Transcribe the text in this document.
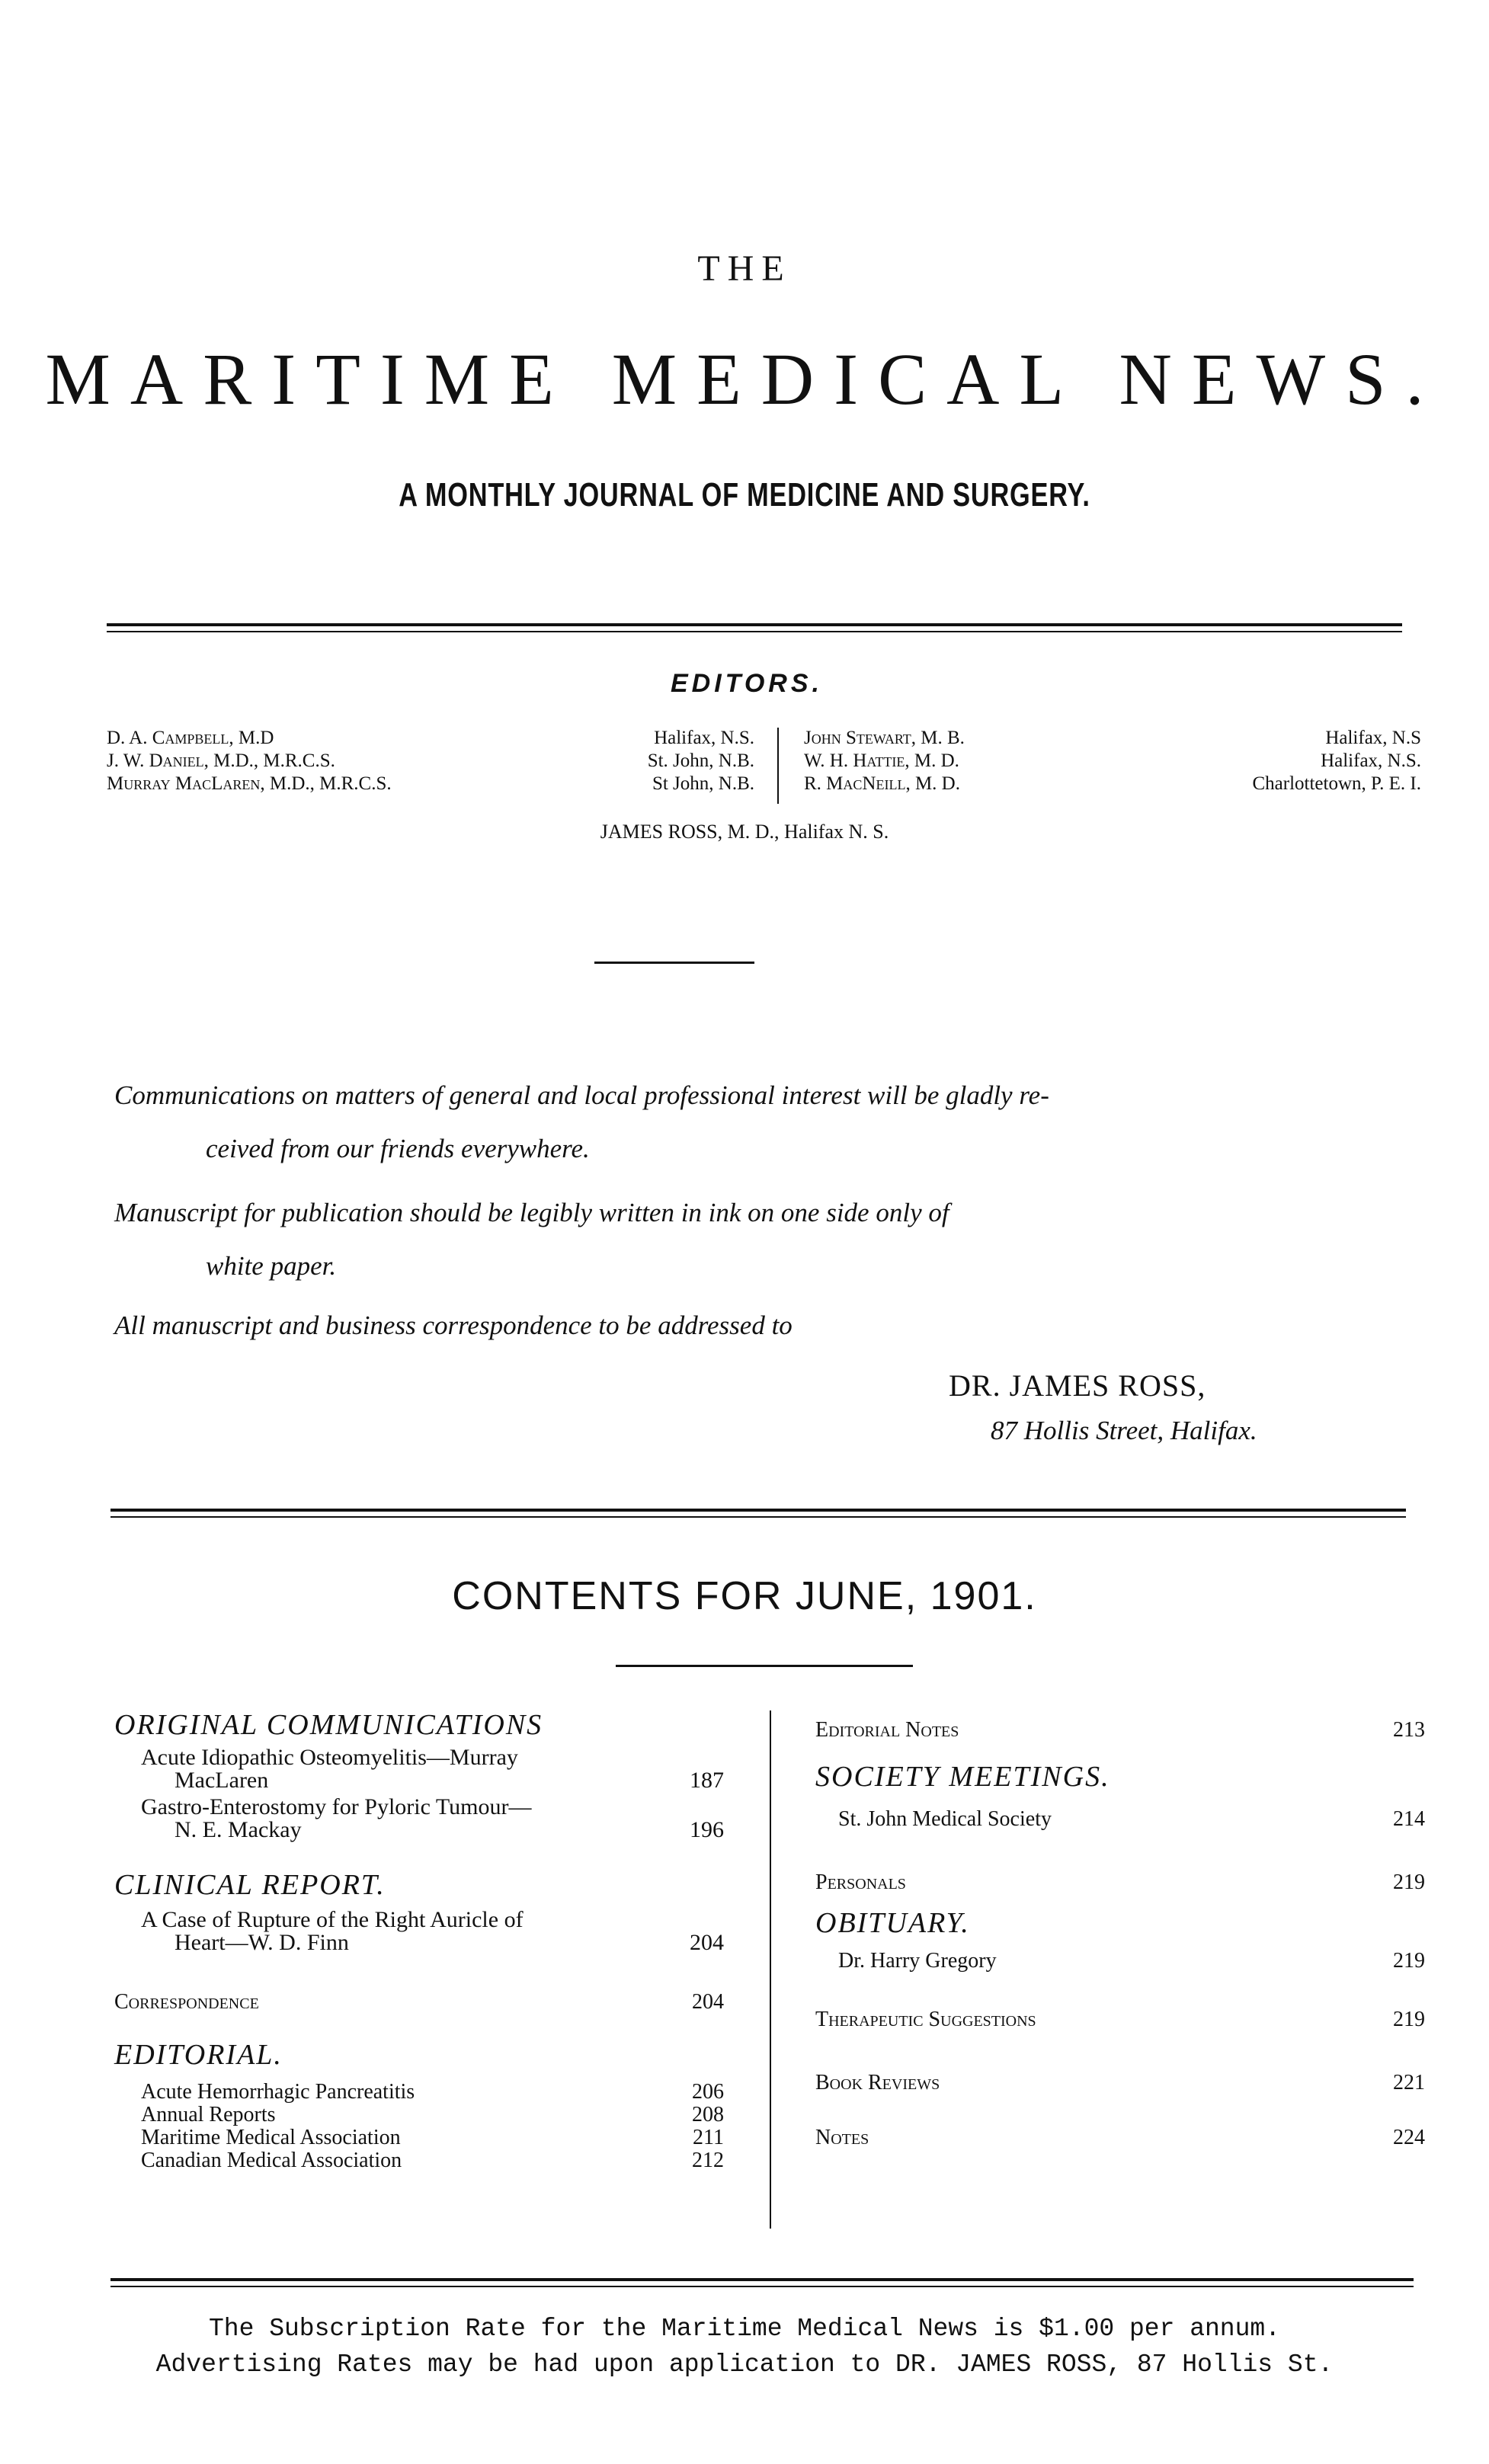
THE
MARITIME MEDICAL NEWS.
A MONTHLY JOURNAL OF MEDICINE AND SURGERY.
EDITORS.
D. A. Campbell, M.D	Halifax, N.S.
J. W. Daniel, M.D., M.R.C.S.	St. John, N.B.
Murray MacLaren, M.D., M.R.C.S.	St John, N.B.
John Stewart, M. B.	Halifax, N.S
W. H. Hattie, M. D.	Halifax, N.S.
R. MacNeill, M. D.	Charlottetown, P. E. I.
JAMES ROSS, M. D., Halifax N. S.
Communications on matters of general and local professional interest will be gladly re-
ceived from our friends everywhere.
Manuscript for publication should be legibly written in ink on one side only of
white paper.
All manuscript and business correspondence to be addressed to
DR. JAMES ROSS,
87 Hollis Street, Halifax.
CONTENTS FOR JUNE, 1901.
ORIGINAL COMMUNICATIONS
Acute Idiopathic Osteomyelitis—Murray
MacLaren	187
Gastro-Enterostomy for Pyloric Tumour—
N. E. Mackay	196
CLINICAL REPORT.
A Case of Rupture of the Right Auricle of
Heart—W. D. Finn	204
Correspondence	204
EDITORIAL.
Acute Hemorrhagic Pancreatitis	206
Annual Reports	208
Maritime Medical Association	211
Canadian Medical Association	212
Editorial Notes	213
SOCIETY MEETINGS.
St. John Medical Society	214
Personals	219
OBITUARY.
Dr. Harry Gregory	219
Therapeutic Suggestions	219
Book Reviews	221
Notes	224
The Subscription Rate for the Maritime Medical News is $1.00 per annum.
Advertising Rates may be had upon application to DR. JAMES ROSS, 87 Hollis St.
